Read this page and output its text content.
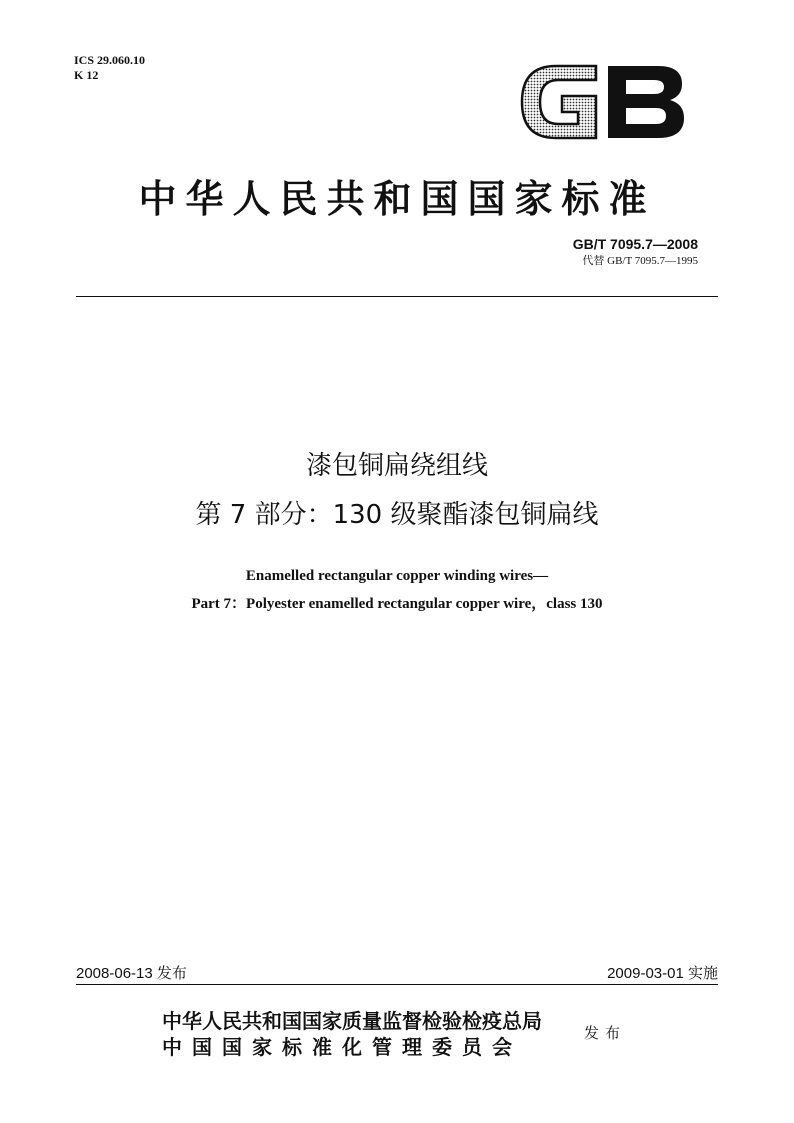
ICS 29.060.10
K 12
中华人民共和国国家标准
GB/T 7095.7—2008
代替 GB/T 7095.7—1995
漆包铜扁绕组线
第 7 部分：130 级聚酯漆包铜扁线
Enamelled rectangular copper winding wires—
Part 7：Polyester enamelled rectangular copper wire，class 130
2008-06-13 发布	2009-03-01 实施
中华人民共和国国家质量监督检验检疫总局
中国国家标准化管理委员会
发布
